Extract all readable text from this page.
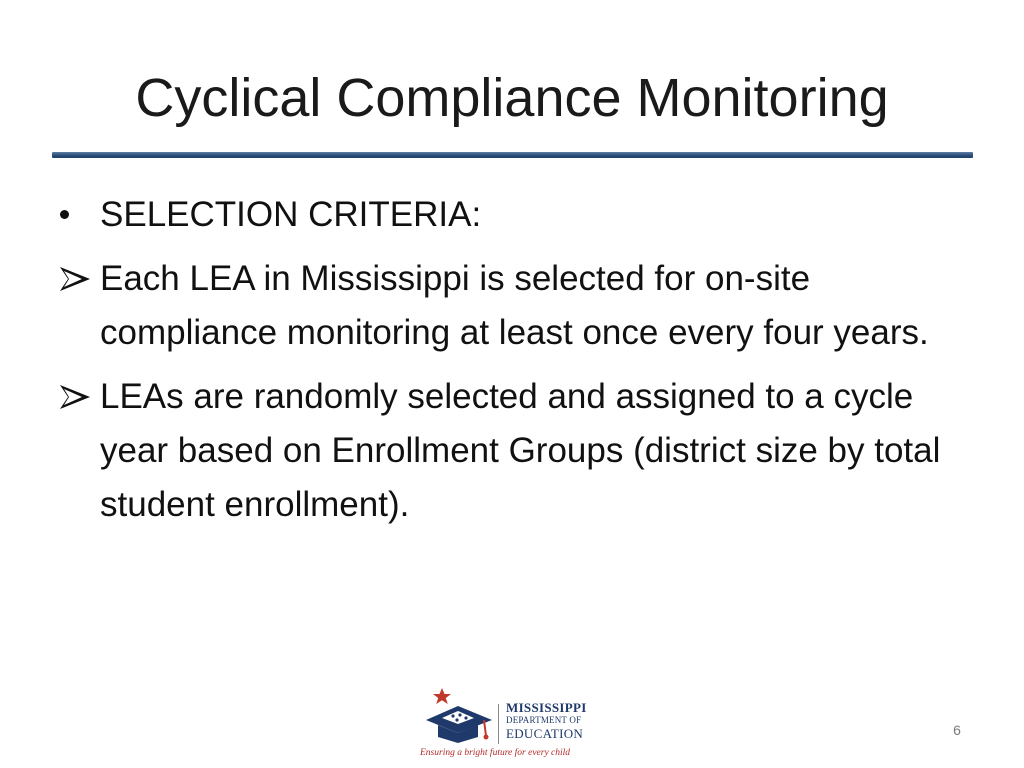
Cyclical Compliance Monitoring
SELECTION CRITERIA:
Each LEA in Mississippi is selected for on-site compliance monitoring at least once every four years.
LEAs are randomly selected and assigned to a cycle year based on Enrollment Groups (district size by total student enrollment).
MISSISSIPPI
DEPARTMENT OF
EDUCATION
Ensuring a bright future for every child
6
